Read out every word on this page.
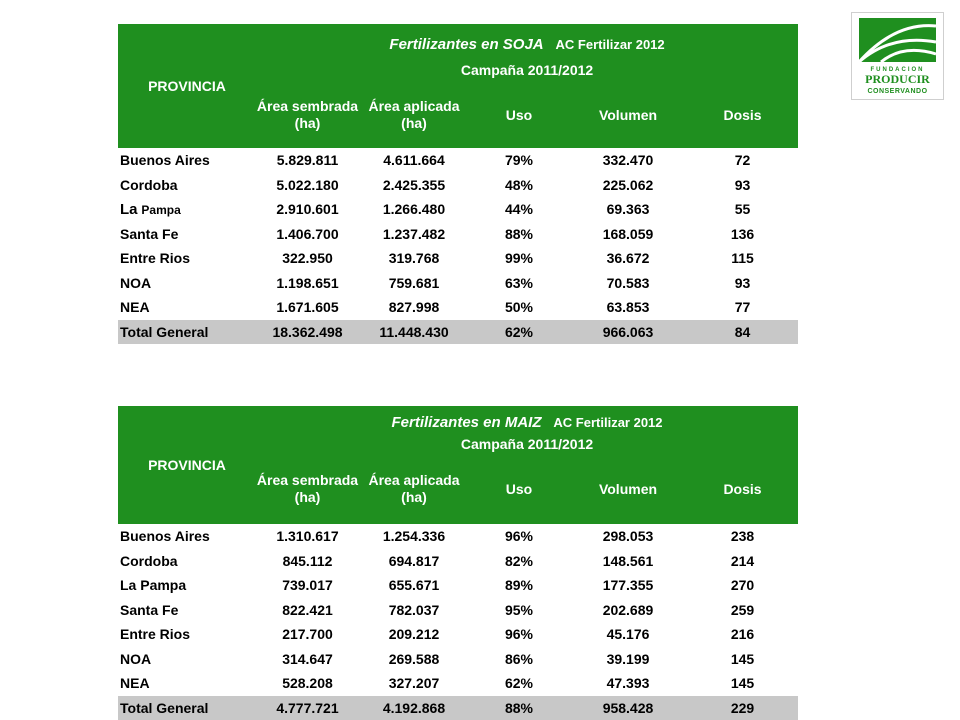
FUNDACION
PRODUCIR
CONSERVANDO
PROVINCIA	Fertilizantes en SOJA AC Fertilizar 2012				
	Campaña 2011/2012				
	Área sembrada (ha)	Área aplicada (ha)	Uso	Volumen	Dosis
Buenos Aires	5.829.811	4.611.664	79%	332.470	72
Cordoba	5.022.180	2.425.355	48%	225.062	93
La Pampa	2.910.601	1.266.480	44%	69.363	55
Santa Fe	1.406.700	1.237.482	88%	168.059	136
Entre Rios	322.950	319.768	99%	36.672	115
NOA	1.198.651	759.681	63%	70.583	93
NEA	1.671.605	827.998	50%	63.853	77
Total General	18.362.498	11.448.430	62%	966.063	84
PROVINCIA	Fertilizantes en MAIZ AC Fertilizar 2012				
	Campaña 2011/2012				
	Área sembrada (ha)	Área aplicada (ha)	Uso	Volumen	Dosis
Buenos Aires	1.310.617	1.254.336	96%	298.053	238
Cordoba	845.112	694.817	82%	148.561	214
La Pampa	739.017	655.671	89%	177.355	270
Santa Fe	822.421	782.037	95%	202.689	259
Entre Rios	217.700	209.212	96%	45.176	216
NOA	314.647	269.588	86%	39.199	145
NEA	528.208	327.207	62%	47.393	145
Total General	4.777.721	4.192.868	88%	958.428	229
